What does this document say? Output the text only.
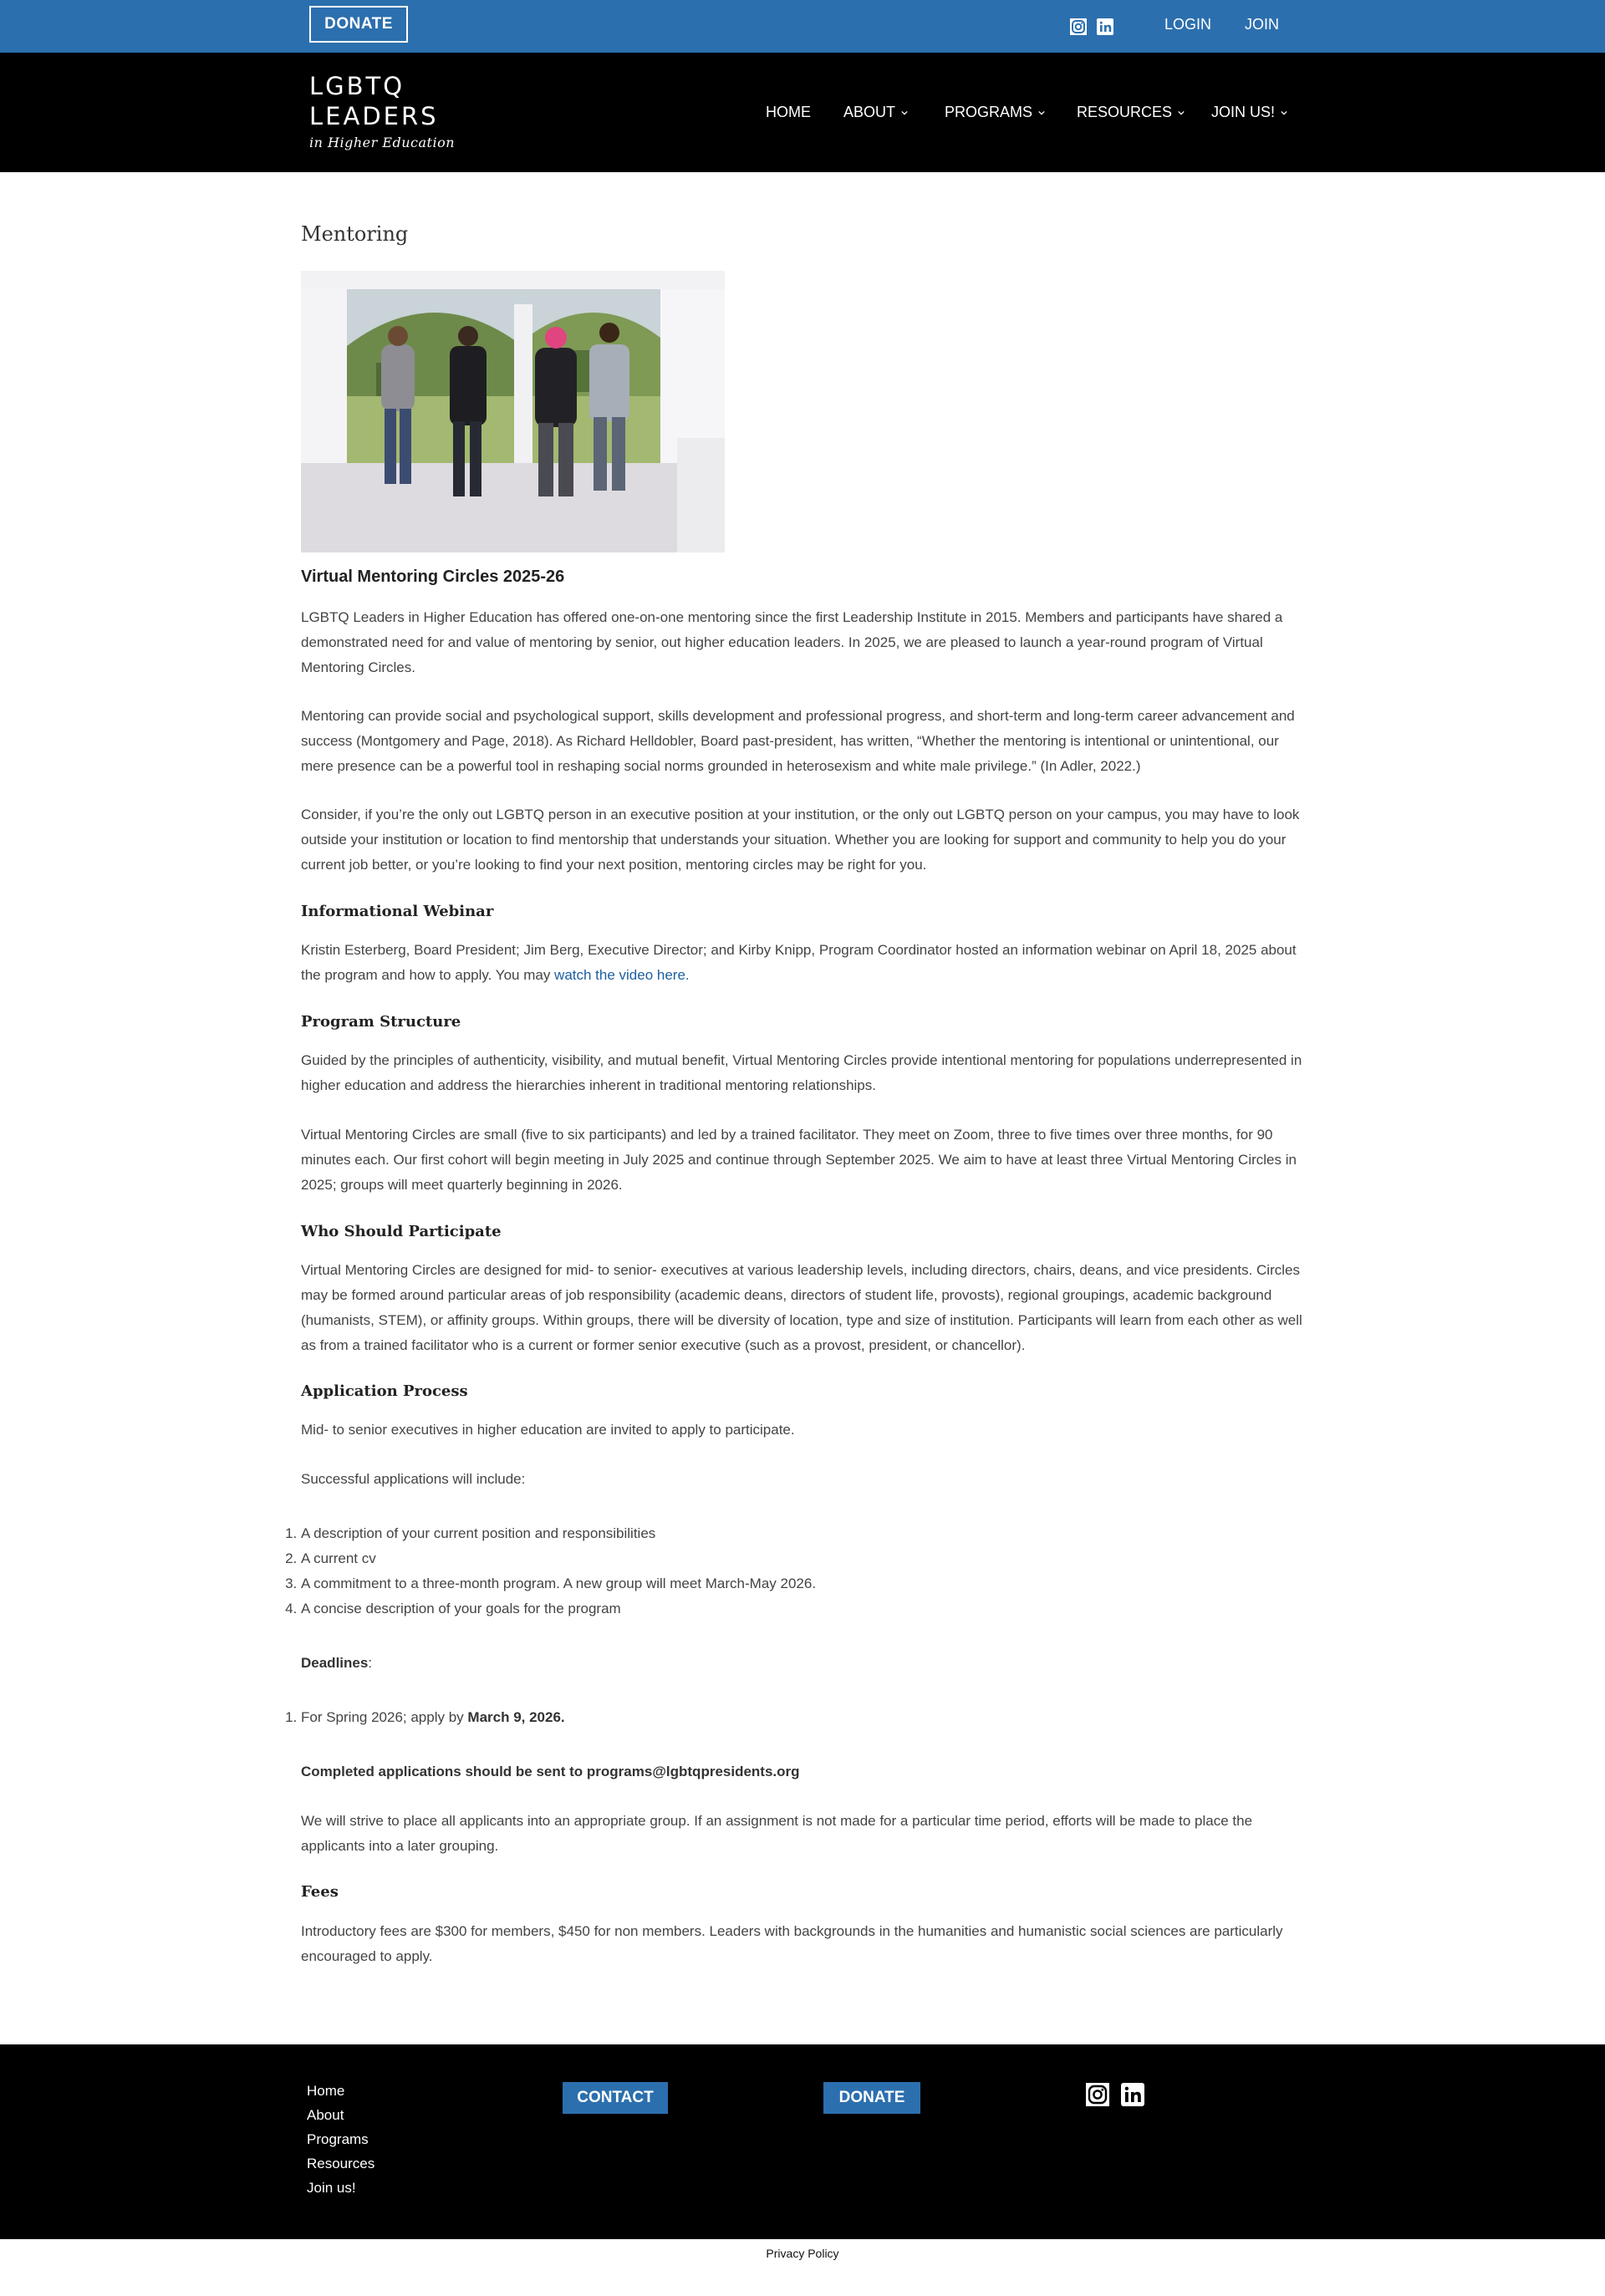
DONATE	LOGIN JOIN
LGBTQ
LEADERS
in Higher Education
HOME ABOUT	PROGRAMS	RESOURCES	JOIN US!
Mentoring
Virtual Mentoring Circles 2025-26

LGBTQ Leaders in Higher Education has offered one-on-one mentoring since the first Leadership Institute in 2015. Members and participants have shared a demonstrated need for and value of mentoring by senior, out higher education leaders. In 2025, we are pleased to launch a year-round program of Virtual Mentoring Circles.

Mentoring can provide social and psychological support, skills development and professional progress, and short-term and long-term career advancement and success (Montgomery and Page, 2018). As Richard Helldobler, Board past-president, has written, “Whether the mentoring is intentional or unintentional, our mere presence can be a powerful tool in reshaping social norms grounded in heterosexism and white male privilege.” (In Adler, 2022.)

Consider, if you’re the only out LGBTQ person in an executive position at your institution, or the only out LGBTQ person on your campus, you may have to look outside your institution or location to find mentorship that understands your situation. Whether you are looking for support and community to help you do your current job better, or you’re looking to find your next position, mentoring circles may be right for you.

Informational Webinar

Kristin Esterberg, Board President; Jim Berg, Executive Director; and Kirby Knipp, Program Coordinator hosted an information webinar on April 18, 2025 about the program and how to apply. You may watch the video here.

Program Structure

Guided by the principles of authenticity, visibility, and mutual benefit, Virtual Mentoring Circles provide intentional mentoring for populations underrepresented in higher education and address the hierarchies inherent in traditional mentoring relationships.

Virtual Mentoring Circles are small (five to six participants) and led by a trained facilitator. They meet on Zoom, three to five times over three months, for 90 minutes each. Our first cohort will begin meeting in July 2025 and continue through September 2025. We aim to have at least three Virtual Mentoring Circles in 2025; groups will meet quarterly beginning in 2026.

Who Should Participate

Virtual Mentoring Circles are designed for mid- to senior- executives at various leadership levels, including directors, chairs, deans, and vice presidents. Circles may be formed around particular areas of job responsibility (academic deans, directors of student life, provosts), regional groupings, academic background (humanists, STEM), or affinity groups. Within groups, there will be diversity of location, type and size of institution. Participants will learn from each other as well as from a trained facilitator who is a current or former senior executive (such as a provost, president, or chancellor).

Application Process

Mid- to senior executives in higher education are invited to apply to participate.

Successful applications will include:

1. A description of your current position and responsibilities
2. A current cv
3. A commitment to a three-month program. A new group will meet March-May 2026.
4. A concise description of your goals for the program

Deadlines:

1. For Spring 2026; apply by March 9, 2026.

Completed applications should be sent to programs@lgbtqpresidents.org

We will strive to place all applicants into an appropriate group. If an assignment is not made for a particular time period, efforts will be made to place the applicants into a later grouping.

Fees

Introductory fees are $300 for members, $450 for non members. Leaders with backgrounds in the humanities and humanistic social sciences are particularly encouraged to apply.

Home
About
Programs
Resources
Join us!
CONTACT	DONATE
Privacy Policy
